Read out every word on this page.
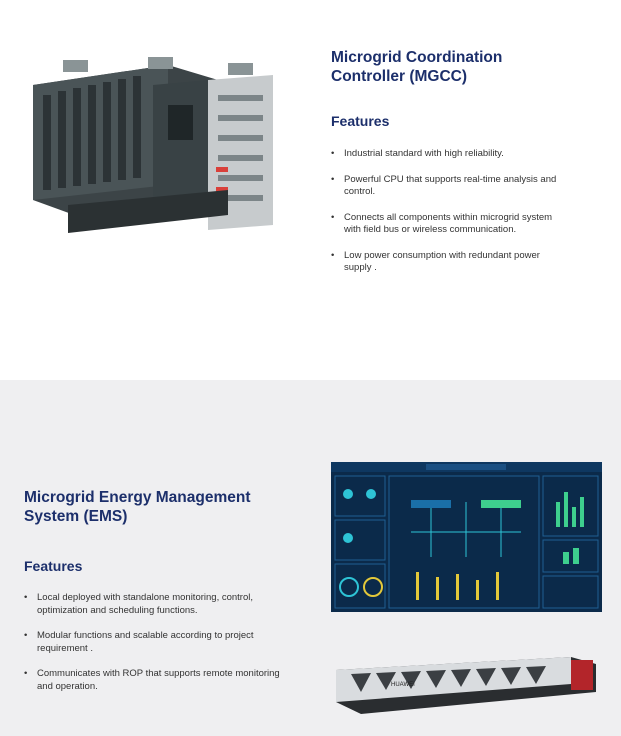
Microgrid Coordination
Controller (MGCC)
Features
• Industrial standard with high reliability.
• Powerful CPU that supports real-time analysis and
control.
• Connects all components within microgrid system
with field bus or wireless communication.
• Low power consumption with redundant power
supply .
Microgrid Energy Management
System (EMS)
Features
• Local deployed with standalone monitoring, control,
optimization and scheduling functions.
• Modular functions and scalable according to project
requirement .
• Communicates with ROP that supports remote monitoring
and operation.	HUAWEI
